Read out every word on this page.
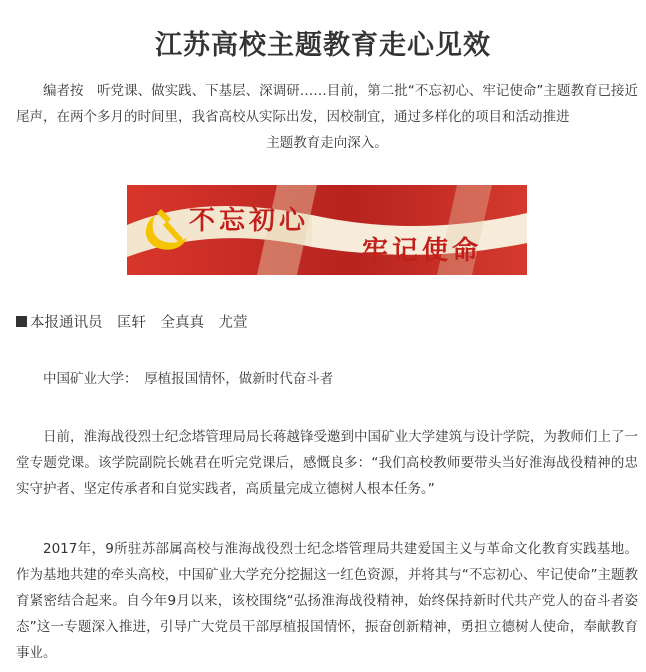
江苏高校主题教育走心见效

编者按　听党课、做实践、下基层、深调研……目前，第二批“不忘初心、牢记使命”主题教育已接近尾声，在两个多月的时间里，我省高校从实际出发，因校制宜，通过多样化的项目和活动推进
主题教育走向深入。

不忘初心
牢记使命

本报通讯员　匡轩　全真真　尤萱

中国矿业大学：　厚植报国情怀，做新时代奋斗者

日前，淮海战役烈士纪念塔管理局局长蒋越锋受邀到中国矿业大学建筑与设计学院，为教师们上了一堂专题党课。该学院副院长姚君在听完党课后，感慨良多：“我们高校教师要带头当好淮海战役精神的忠实守护者、坚定传承者和自觉实践者，高质量完成立德树人根本任务。”

2017年，9所驻苏部属高校与淮海战役烈士纪念塔管理局共建爱国主义与革命文化教育实践基地。作为基地共建的牵头高校，中国矿业大学充分挖掘这一红色资源，并将其与“不忘初心、牢记使命”主题教育紧密结合起来。自今年9月以来，该校围绕“弘扬淮海战役精神，始终保持新时代共产党人的奋斗者姿态”这一专题深入推进，引导广大党员干部厚植报国情怀，振奋创新精神，勇担立德树人使命，奉献教育事业。
